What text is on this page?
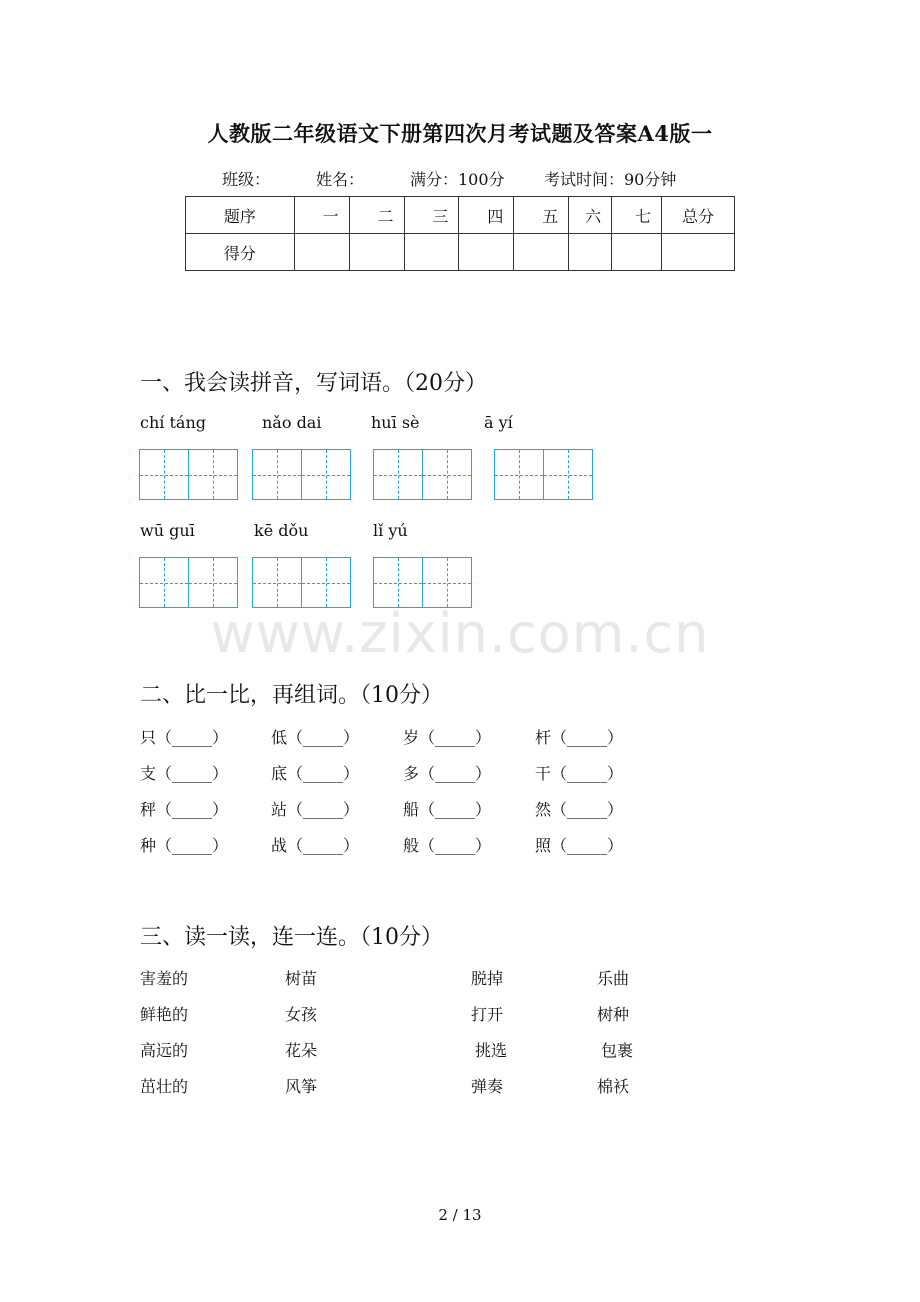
人教版二年级语文下册第四次月考试题及答案A4版一
班级：	姓名：	满分：100分 考试时间：90分钟
题序	一	二	三	四	五	六	七	总分
得分								
一、我会读拼音，写词语。（20分）
chí táng	nǎo dai	huī sè	ā yí
wū guī	kē dǒu	lǐ yú
www.zixin.com.cn
二、比一比，再组词。（10分）
只（_____）	低（_____）	岁（_____）	杆（_____）
支（_____）	底（_____）	多（_____）	干（_____）
秤（_____）	站（_____）	船（_____）	然（_____）
种（_____）	战（_____）	般（_____）	照（_____）
三、读一读，连一连。（10分）
害羞的	树苗	脱掉	乐曲
鲜艳的	女孩	打开	树种
高远的	花朵	挑选	包裹
茁壮的	风筝	弹奏	棉袄
2 / 13
